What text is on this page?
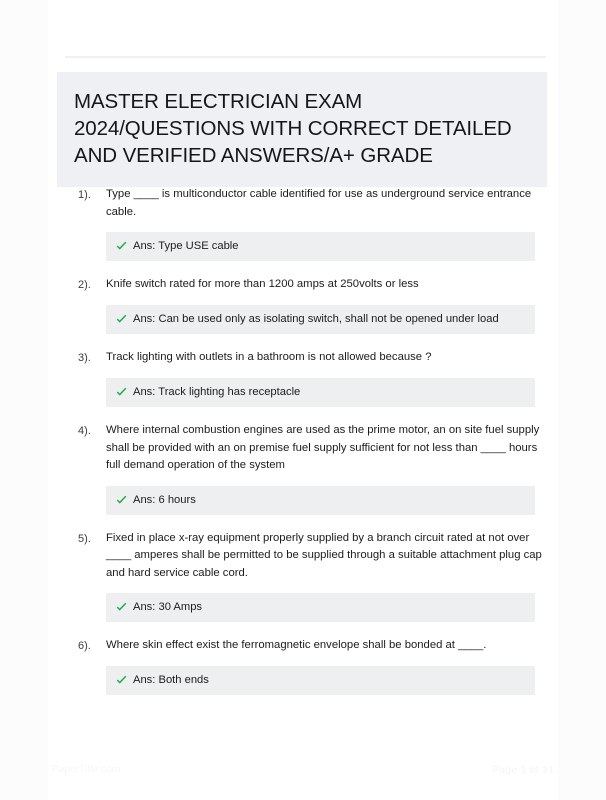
MASTER ELECTRICIAN EXAM 2024/QUESTIONS WITH CORRECT DETAILED AND VERIFIED ANSWERS/A+ GRADE
1).	Type ____ is multiconductor cable identified for use as underground service entrance cable.
Ans: Type USE cable
2).	Knife switch rated for more than 1200 amps at 250volts or less
Ans: Can be used only as isolating switch, shall not be opened under load
3).	Track lighting with outlets in a bathroom is not allowed because ?
Ans: Track lighting has receptacle
4).	Where internal combustion engines are used as the prime motor, an on site fuel supply shall be provided with an on premise fuel supply sufficient for not less than ____ hours full demand operation of the system
Ans: 6 hours
5).	Fixed in place x-ray equipment properly supplied by a branch circuit rated at not over ____ amperes shall be permitted to be supplied through a suitable attachment plug cap and hard service cable cord.
Ans: 30 Amps
6).	Where skin effect exist the ferromagnetic envelope shall be bonded at ____.
Ans: Both ends
PaperTitle.com	Page 1 of 31
